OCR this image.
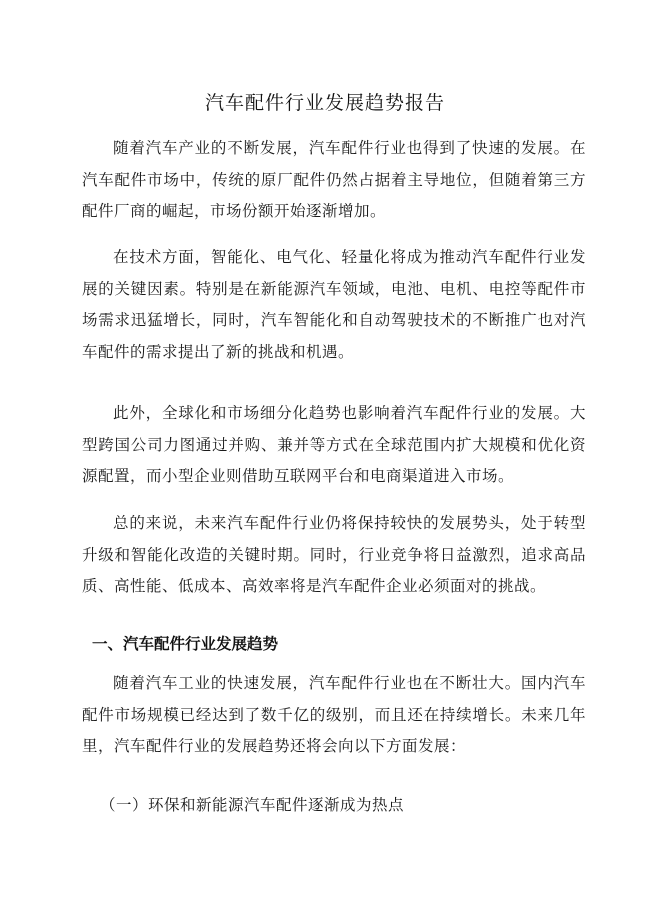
汽车配件行业发展趋势报告

随着汽车产业的不断发展，汽车配件行业也得到了快速的发展。在汽车配件市场中，传统的原厂配件仍然占据着主导地位，但随着第三方配件厂商的崛起，市场份额开始逐渐增加。

在技术方面，智能化、电气化、轻量化将成为推动汽车配件行业发展的关键因素。特别是在新能源汽车领域，电池、电机、电控等配件市场需求迅猛增长，同时，汽车智能化和自动驾驶技术的不断推广也对汽车配件的需求提出了新的挑战和机遇。

此外，全球化和市场细分化趋势也影响着汽车配件行业的发展。大型跨国公司力图通过并购、兼并等方式在全球范围内扩大规模和优化资源配置，而小型企业则借助互联网平台和电商渠道进入市场。

总的来说，未来汽车配件行业仍将保持较快的发展势头，处于转型升级和智能化改造的关键时期。同时，行业竞争将日益激烈，追求高品质、高性能、低成本、高效率将是汽车配件企业必须面对的挑战。

一、汽车配件行业发展趋势

随着汽车工业的快速发展，汽车配件行业也在不断壮大。国内汽车配件市场规模已经达到了数千亿的级别，而且还在持续增长。未来几年里，汽车配件行业的发展趋势还将会向以下方面发展：

（一）环保和新能源汽车配件逐渐成为热点
